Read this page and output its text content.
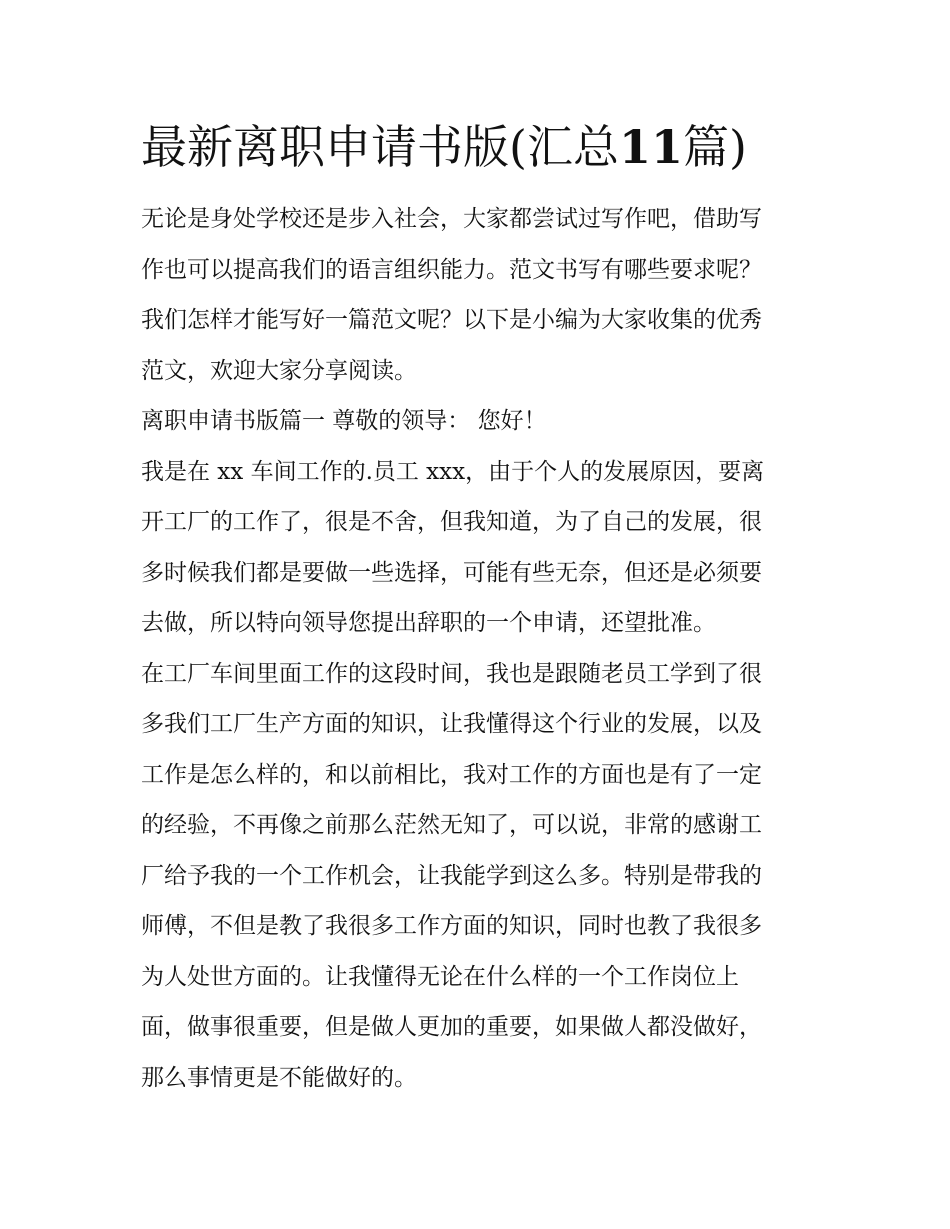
最新离职申请书版(汇总11篇)
无论是身处学校还是步入社会，大家都尝试过写作吧，借助写
作也可以提高我们的语言组织能力。范文书写有哪些要求呢？
我们怎样才能写好一篇范文呢？以下是小编为大家收集的优秀
范文，欢迎大家分享阅读。
离职申请书版篇一 尊敬的领导： 您好！
我是在 xx 车间工作的.员工 xxx，由于个人的发展原因，要离
开工厂的工作了，很是不舍，但我知道，为了自己的发展，很
多时候我们都是要做一些选择，可能有些无奈，但还是必须要
去做，所以特向领导您提出辞职的一个申请，还望批准。
在工厂车间里面工作的这段时间，我也是跟随老员工学到了很
多我们工厂生产方面的知识，让我懂得这个行业的发展，以及
工作是怎么样的，和以前相比，我对工作的方面也是有了一定
的经验，不再像之前那么茫然无知了，可以说，非常的感谢工
厂给予我的一个工作机会，让我能学到这么多。特别是带我的
师傅，不但是教了我很多工作方面的知识，同时也教了我很多
为人处世方面的。让我懂得无论在什么样的一个工作岗位上
面，做事很重要，但是做人更加的重要，如果做人都没做好，
那么事情更是不能做好的。
